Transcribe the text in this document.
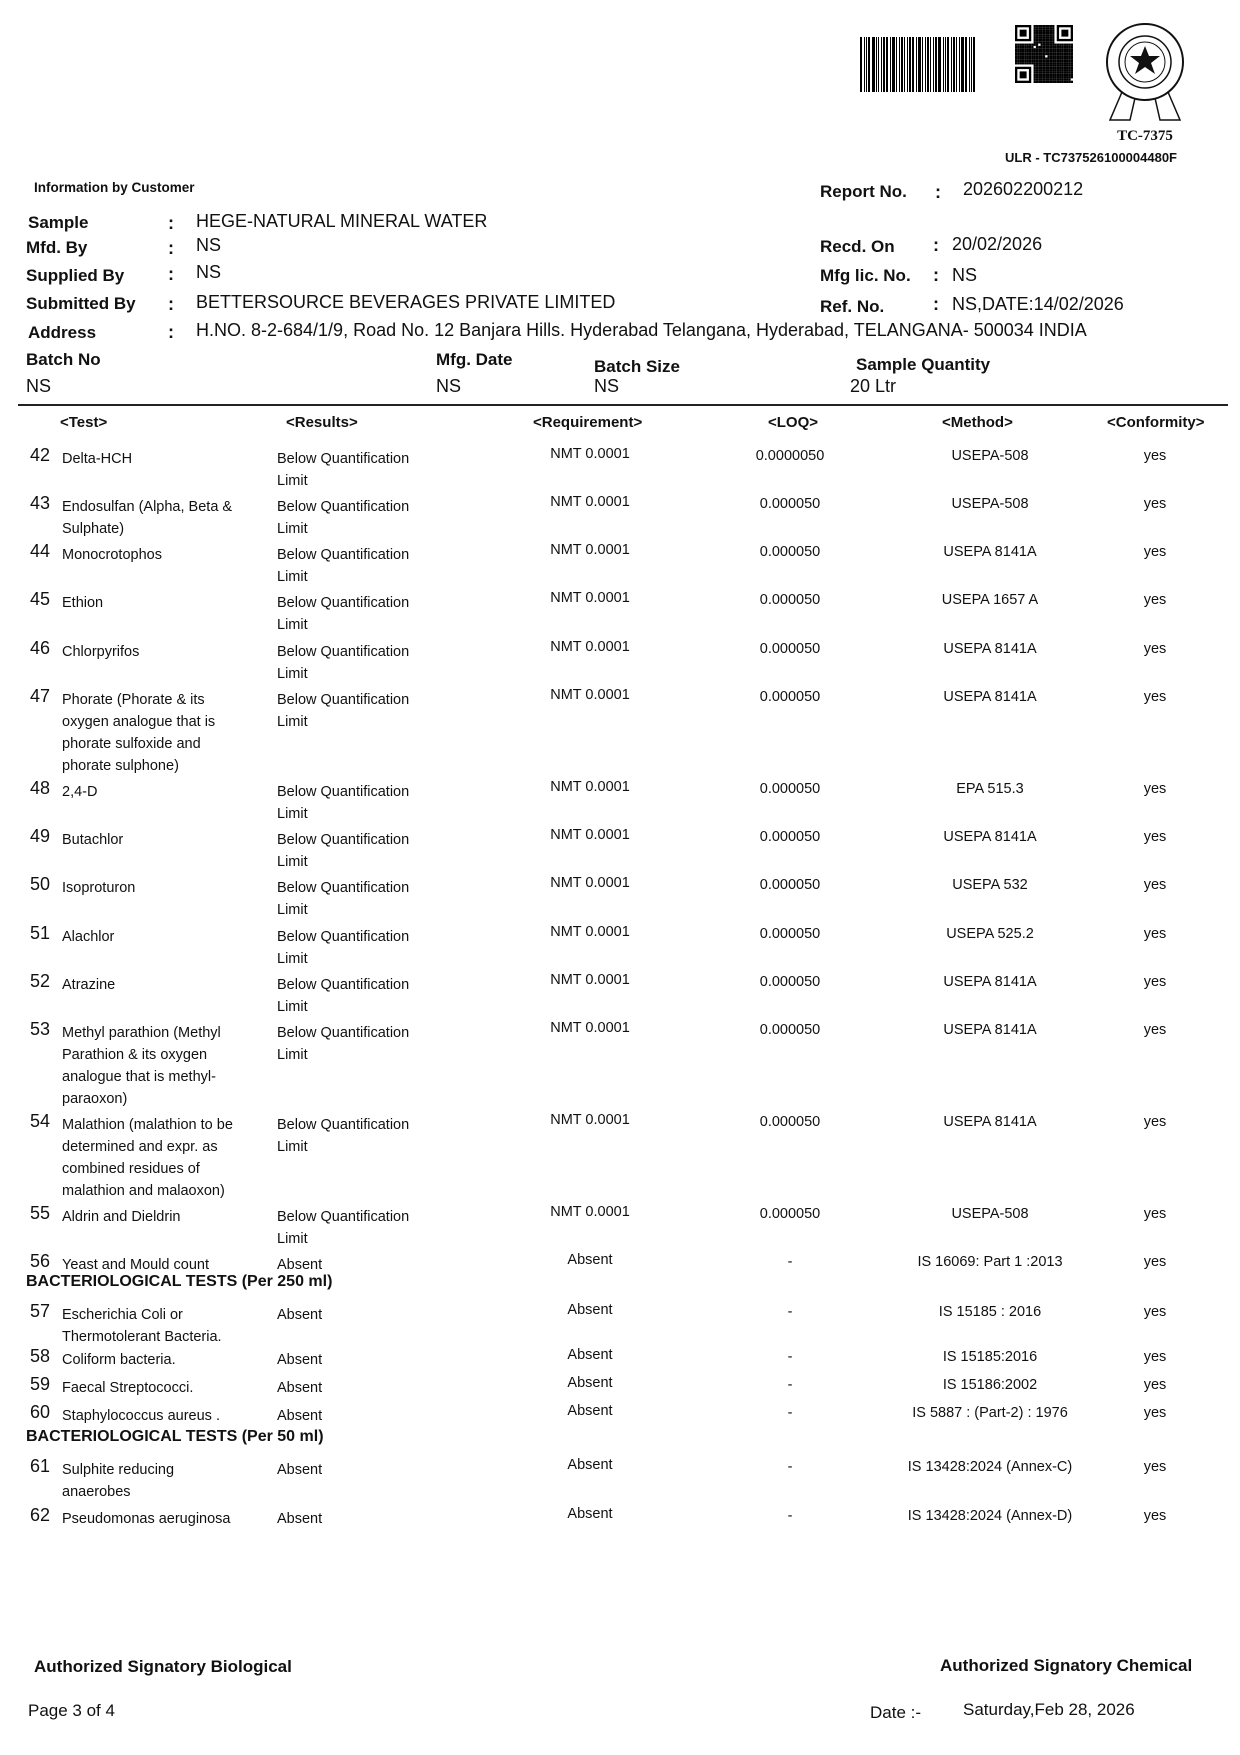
TC-7375
ULR - TC737526100004480F
Information by Customer
Sample	: HEGE-NATURAL MINERAL WATER
Mfd. By	: NS
Supplied By : NS
Submitted By : BETTERSOURCE BEVERAGES PRIVATE LIMITED
Address	: H.NO. 8-2-684/1/9, Road No. 12 Banjara Hills. Hyderabad Telangana, Hyderabad, TELANGANA- 500034 INDIA
Report No. : 202602200212
Recd. On : 20/02/2026
Mfg lic. No. : NS
Ref. No.	: NS,DATE:14/02/2026
Batch No
NS
Mfg. Date
NS
Batch Size
NS
Sample Quantity
20 Ltr
<Test>	<Results>	<Requirement>	<LOQ>	<Method>	<Conformity>
42 Delta-HCH	Below Quantification Limit
NMT 0.0001	0.0000050	USEPA-508	yes
43 Endosulfan (Alpha, Beta & Sulphate)
Below Quantification Limit
NMT 0.0001	0.000050	USEPA-508	yes
44 Monocrotophos	Below Quantification Limit
NMT 0.0001	0.000050	USEPA 8141A	yes
45 Ethion	Below Quantification Limit
NMT 0.0001	0.000050	USEPA 1657 A	yes
46 Chlorpyrifos	Below Quantification Limit
NMT 0.0001	0.000050	USEPA 8141A	yes
47 Phorate (Phorate & its oxygen analogue that is phorate sulfoxide and phorate sulphone)
Below Quantification Limit
NMT 0.0001	0.000050	USEPA 8141A	yes
48 2,4-D	Below Quantification Limit
NMT 0.0001	0.000050	EPA 515.3	yes
49 Butachlor	Below Quantification Limit
NMT 0.0001	0.000050	USEPA 8141A	yes
50 Isoproturon	Below Quantification Limit
NMT 0.0001	0.000050	USEPA 532	yes
51 Alachlor	Below Quantification Limit
NMT 0.0001	0.000050	USEPA 525.2	yes
52 Atrazine	Below Quantification Limit
NMT 0.0001	0.000050	USEPA 8141A	yes
53 Methyl parathion (Methyl Parathion & its oxygen analogue that is methyl-paraoxon)
Below Quantification Limit
NMT 0.0001	0.000050	USEPA 8141A	yes
54 Malathion (malathion to be determined and expr. as combined residues of malathion and malaoxon)
Below Quantification Limit
NMT 0.0001	0.000050	USEPA 8141A	yes
55 Aldrin and Dieldrin	Below Quantification Limit
NMT 0.0001	0.000050	USEPA-508	yes
56 Yeast and Mould count	Absent	Absent	-	IS 16069: Part 1 :2013	yes
BACTERIOLOGICAL TESTS (Per 250 ml)
57 Escherichia Coli or Thermotolerant Bacteria.
Absent	Absent	-	IS 15185 : 2016	yes
58 Coliform bacteria.	Absent	Absent	-	IS 15185:2016	yes
59 Faecal Streptococci.	Absent	Absent	-	IS 15186:2002	yes
60 Staphylococcus aureus .	Absent	Absent	-	IS 5887 : (Part-2) : 1976	yes
BACTERIOLOGICAL TESTS (Per 50 ml)
61 Sulphite reducing anaerobes
Absent	Absent	-	IS 13428:2024 (Annex-C)	yes
62 Pseudomonas aeruginosa	Absent	Absent	-	IS 13428:2024 (Annex-D)	yes
Authorized Signatory Biological	Authorized Signatory Chemical
Page 3 of 4	Date :- Saturday,Feb 28, 2026
